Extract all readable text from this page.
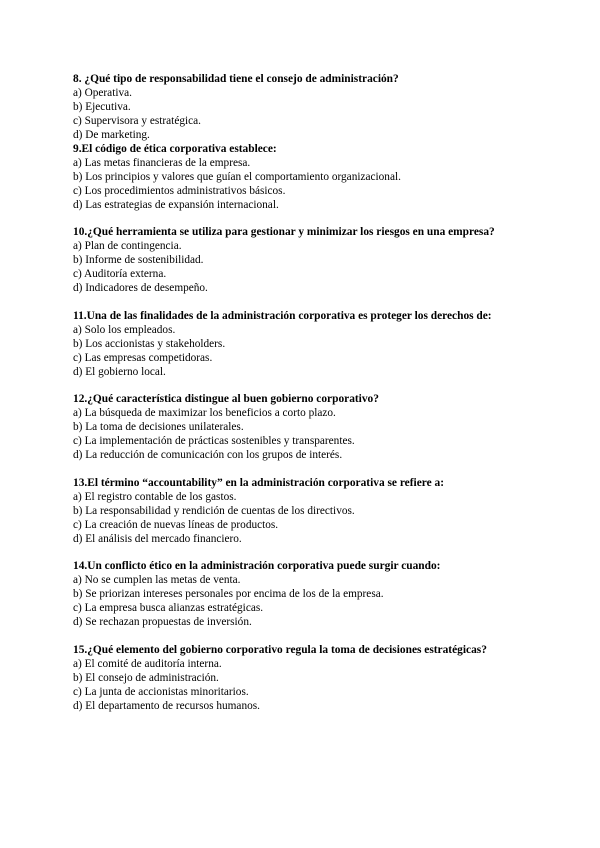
8. ¿Qué tipo de responsabilidad tiene el consejo de administración?
a) Operativa.
b) Ejecutiva.
c) Supervisora y estratégica.
d) De marketing.
9.El código de ética corporativa establece:
a) Las metas financieras de la empresa.
b) Los principios y valores que guían el comportamiento organizacional.
c) Los procedimientos administrativos básicos.
d) Las estrategias de expansión internacional.
10.¿Qué herramienta se utiliza para gestionar y minimizar los riesgos en una empresa?
a) Plan de contingencia.
b) Informe de sostenibilidad.
c) Auditoría externa.
d) Indicadores de desempeño.
11.Una de las finalidades de la administración corporativa es proteger los derechos de:
a) Solo los empleados.
b) Los accionistas y stakeholders.
c) Las empresas competidoras.
d) El gobierno local.
12.¿Qué característica distingue al buen gobierno corporativo?
a) La búsqueda de maximizar los beneficios a corto plazo.
b) La toma de decisiones unilaterales.
c) La implementación de prácticas sostenibles y transparentes.
d) La reducción de comunicación con los grupos de interés.
13.El término “accountability” en la administración corporativa se refiere a:
a) El registro contable de los gastos.
b) La responsabilidad y rendición de cuentas de los directivos.
c) La creación de nuevas líneas de productos.
d) El análisis del mercado financiero.
14.Un conflicto ético en la administración corporativa puede surgir cuando:
a) No se cumplen las metas de venta.
b) Se priorizan intereses personales por encima de los de la empresa.
c) La empresa busca alianzas estratégicas.
d) Se rechazan propuestas de inversión.
15.¿Qué elemento del gobierno corporativo regula la toma de decisiones estratégicas?
a) El comité de auditoría interna.
b) El consejo de administración.
c) La junta de accionistas minoritarios.
d) El departamento de recursos humanos.
